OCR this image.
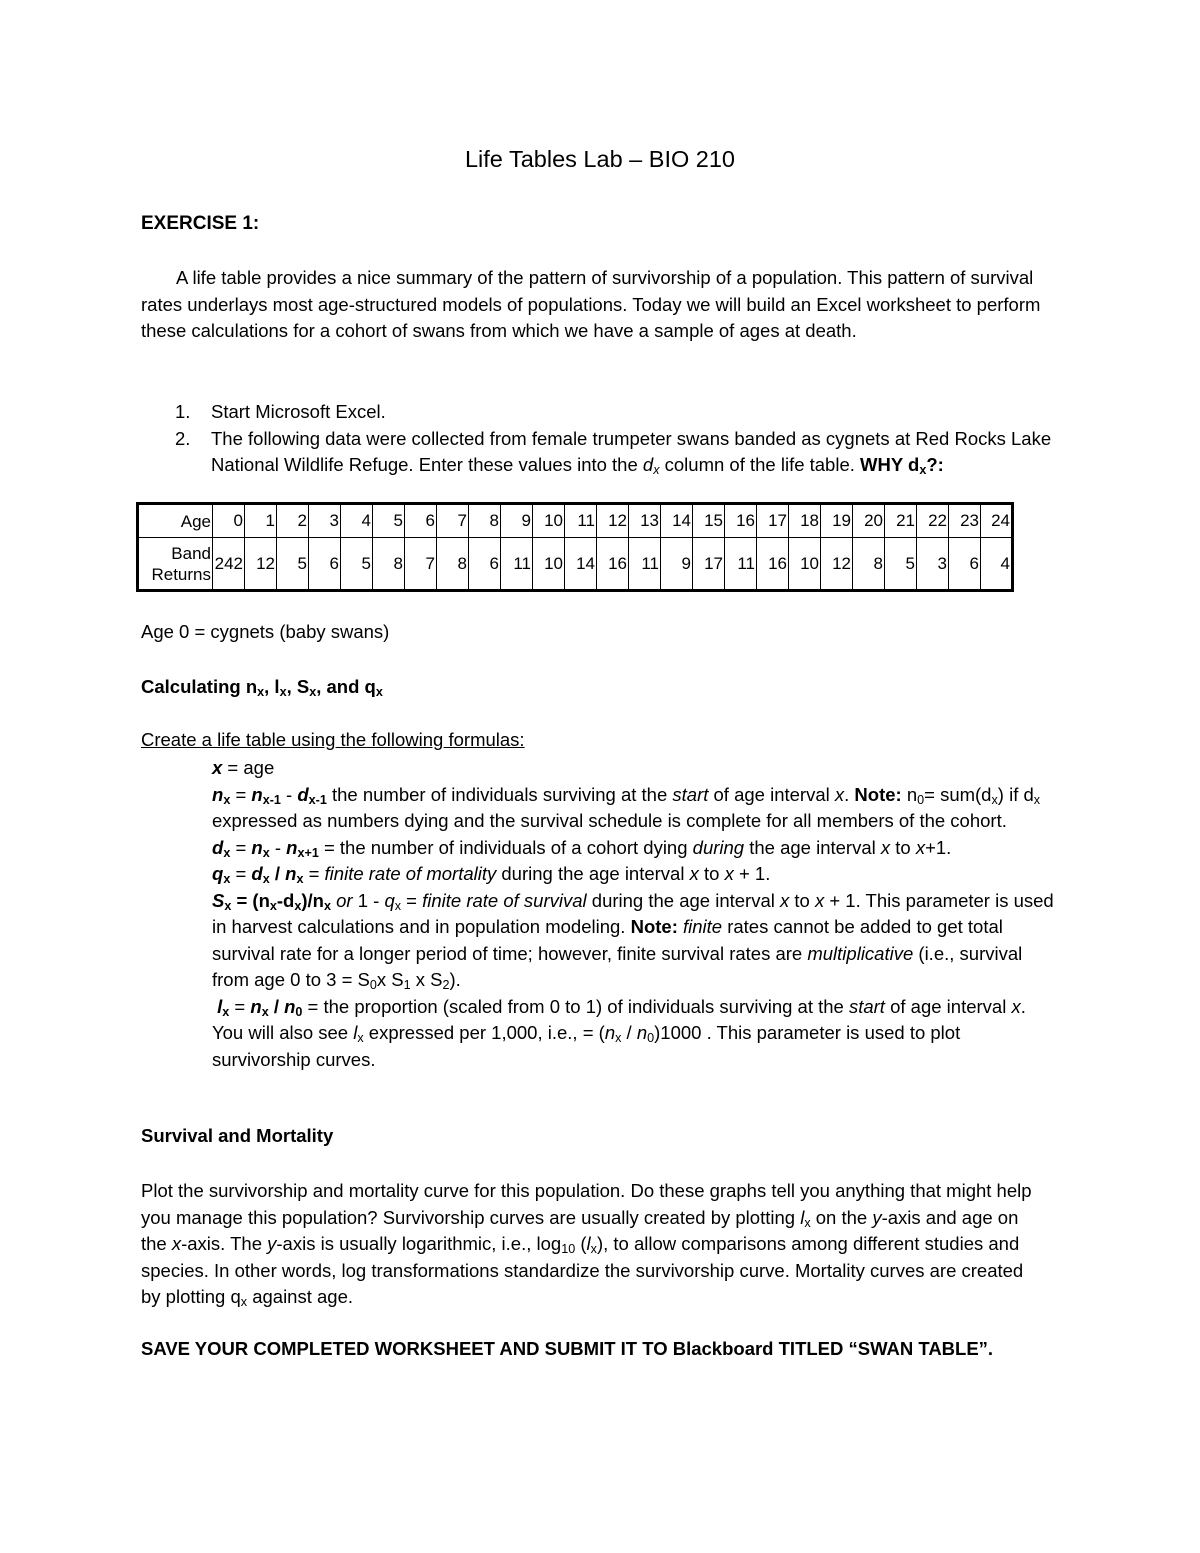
Life Tables Lab – BIO 210
EXERCISE 1:
A life table provides a nice summary of the pattern of survivorship of a population. This pattern of survival rates underlays most age-structured models of populations. Today we will build an Excel worksheet to perform these calculations for a cohort of swans from which we have a sample of ages at death.
1.	Start Microsoft Excel.
2.	The following data were collected from female trumpeter swans banded as cygnets at Red Rocks Lake National Wildlife Refuge. Enter these values into the $d_x$ column of the life table. WHY $d_x$?:
Age	0	1	2	3	4	5	6	7	8	9	10	11	12	13	14	15	16	17	18	19	20	21	22	23	24
Band
Returns	242	12	5	6	5	8	7	8	6	11	10	14	16	11	9	17	11	16	10	12	8	5	3	6	4
Age 0 = cygnets (baby swans)
Calculating $n_x$, $l_x$, $S_x$, and $q_x$
Create a life table using the following formulas:

x = age

$n_x = n_{x-1} - d_{x-1}$ the number of individuals surviving at the start of age interval x. Note: $n_0= sum(d_x)$ if $d_x$ expressed as numbers dying and the survival schedule is complete for all members of the cohort.

$d_x = n_x - n_{x+1}$ = the number of individuals of a cohort dying during the age interval x to x+1.

$q_x = d_x / n_x$ = finite rate of mortality during the age interval x to x + 1.

$S_x = (n_x-d_x)/n_x$ or $1 - q_x$ = finite rate of survival during the age interval x to x + 1. This parameter is used in harvest calculations and in population modeling. Note: finite rates cannot be added to get total survival rate for a longer period of time; however, finite survival rates are multiplicative (i.e., survival from age 0 to $3 = S_0x$ $S_1$ x $S_2$).

$l_x = n_x / n_0$ = the proportion (scaled from 0 to 1) of individuals surviving at the start of age interval x. You will also see $l_x$ expressed per 1,000, i.e., = $(n_x / n_0)1000$ . This parameter is used to plot survivorship curves.

Survival and Mortality
Plot the survivorship and mortality curve for this population. Do these graphs tell you anything that might help you manage this population? Survivorship curves are usually created by plotting $l_x$ on the y-axis and age on the x-axis. The y-axis is usually logarithmic, i.e., $\log_{10} (l_x)$, to allow comparisons among different studies and species. In other words, log transformations standardize the survivorship curve. Mortality curves are created by plotting $q_x$ against age.
SAVE YOUR COMPLETED WORKSHEET AND SUBMIT IT TO Blackboard TITLED “SWAN TABLE”.
